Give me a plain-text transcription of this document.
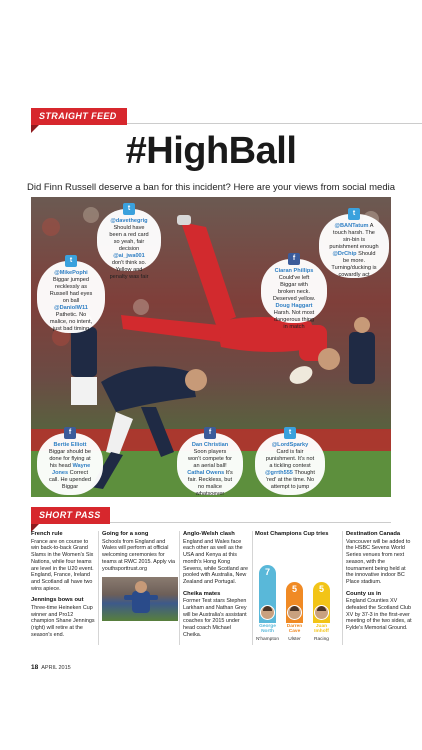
STRAIGHT FEED
#HighBall
Did Finn Russell deserve a ban for this incident? Here are your views from social media
t
@davethegrig Should have been a red card so yeah, fair decision @ai_jwa001 don't think so. Yellow and penalty was fair
t
@MikePophi Biggar jumped recklessly as Russell had eyes on ball @DaniolW11 Pathetic. No malice, no intent, just bad timing
t
@BANTatum A touch harsh. The sin-bin is punishment enough @DrChip Should be more. Turning/ducking is cowardly act
f
Ciaran Phillips Could've left Biggar with broken neck. Deserved yellow. Doug Haggart Harsh. Not most dangerous thing in match
f
Bertie Elliott Biggar should be done for flying at his head Wayne Jones Correct call. He upended Biggar
f
Dan Christian Soon players won't compete for an aerial ball! Cathal Owens It's fair. Reckless, but no malice whatsoever
t
@LordSparky Card is fair punishment. It's not a tickling contest @grrth555 Thought 'red' at the time. No attempt to jump
SHORT PASS
French rule

France are on course to win back-to-back Grand Slams in the Women's Six Nations, while four teams are level in the U20 event. England, France, Ireland and Scotland all have two wins apiece.

Jennings bows out

Three-time Heineken Cup winner and Pro12 champion Shane Jennings (right) will retire at the season's end.

Going for a song

Schools from England and Wales will perform at official welcoming ceremonies for teams at RWC 2015. Apply via youthsporttrust.org

Anglo-Welsh clash

England and Wales face each other as well as the USA and Kenya at this month's Hong Kong Sevens, while Scotland are pooled with Australia, New Zealand and Portugal.

Cheika mates

Former Test stars Stephen Larkham and Nathan Grey will be Australia's assistant coaches for 2015 under head coach Michael Cheika.

Most Champions Cup tries
7
George North
N'hampton
5
Darren Cave
Ulster
5
Juan Imhoff
Racing
Destination Canada

Vancouver will be added to the HSBC Sevens World Series venues from next season, with the tournament being held at the innovative indoor BC Place stadium.

County us in

England Counties XV defeated the Scotland Club XV by 37-3 in the first-ever meeting of the two sides, at Fylde's Memorial Ground.

18 APRIL 2015
